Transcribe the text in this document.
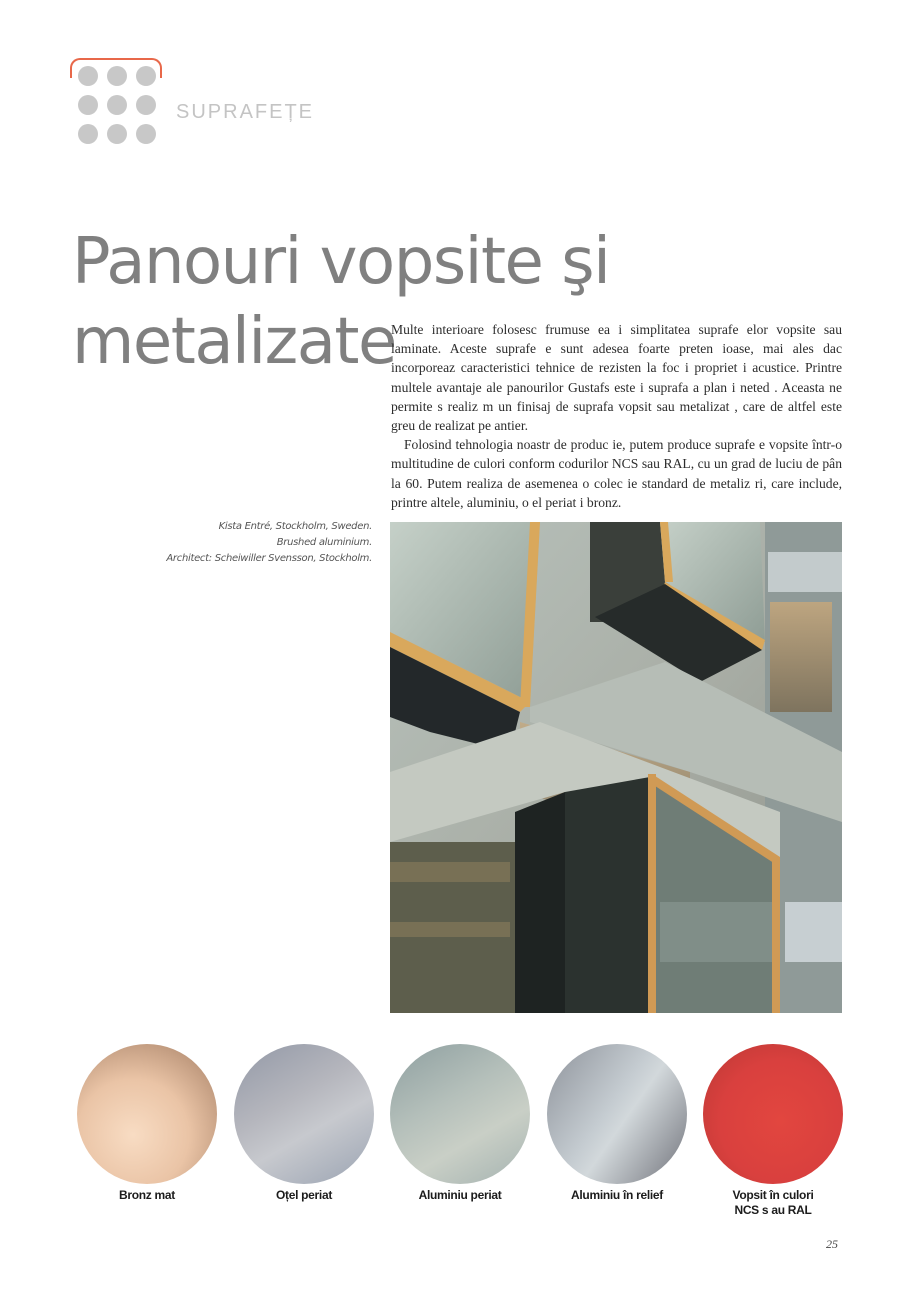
SUPRAFEȚE
Panouri vopsite şi
metalizate

Multe interioare folosesc frumuse ea i simplitatea suprafe elor vopsite sau laminate. Aceste suprafe e sunt adesea foarte preten ioase, mai ales dac incorporeaz caracteristici tehnice de rezisten la foc i propriet i acustice. Printre multele avantaje ale panourilor Gustafs este i suprafa a plan i neted . Aceasta ne permite s realiz m un finisaj de suprafa vopsit sau metalizat , care de altfel este greu de realizat pe antier.

Folosind tehnologia noastr de produc ie, putem produce suprafe e vopsite într-o multitudine de culori conform codurilor NCS sau RAL, cu un grad de luciu de pân la 60. Putem realiza de asemenea o colec ie standard de metaliz ri, care include, printre altele, aluminiu, o el periat i bronz.

Kista Entré, Stockholm, Sweden.
Brushed aluminium.
Architect: Scheiwiller Svensson, Stockholm.
Bronz mat	Oțel periat	Aluminiu periat	Aluminiu în relief	Vopsit în culori
NCS s au RAL
25
